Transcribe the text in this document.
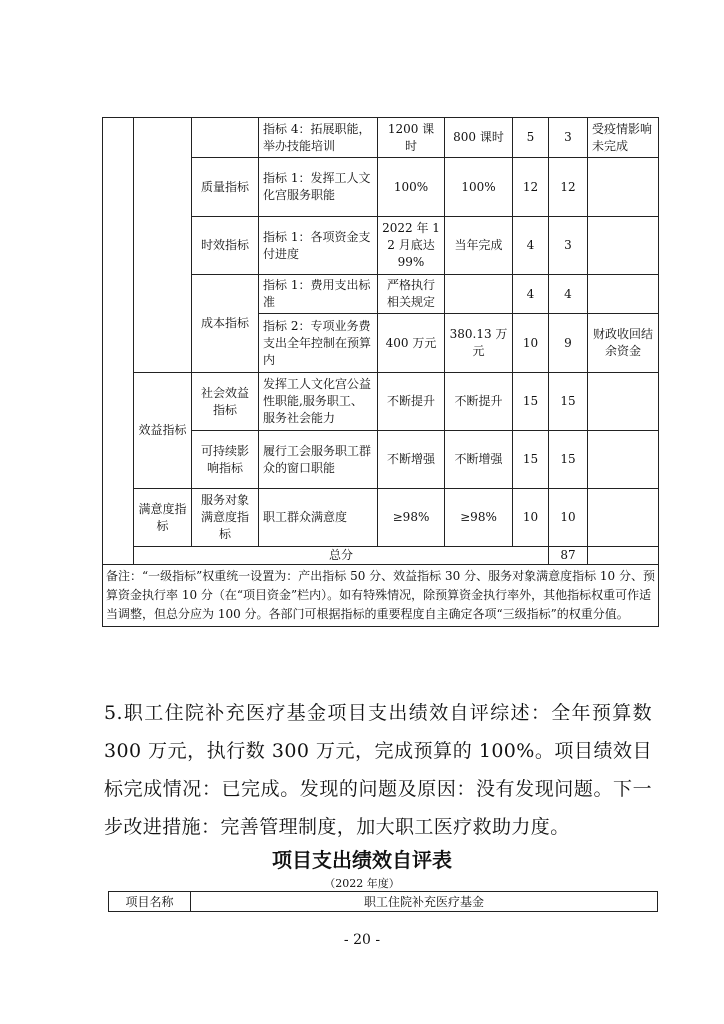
			指标 4：拓展职能，举办技能培训	1200 课时	800 课时	5	3	受疫情影响未完成
		质量指标	指标 1：发挥工人文化宫服务职能	100%	100%	12	12	
		时效指标	指标 1：各项资金支付进度	2022 年 12 月底达 99%	当年完成	4	3	
		成本指标	指标 1：费用支出标准	严格执行相关规定		4	4	
			指标 2：专项业务费支出全年控制在预算内	400 万元	380.13 万元	10	9	财政收回结余资金
	效益指标	社会效益指标	发挥工人文化宫公益性职能,服务职工、服务社会能力	不断提升	不断提升	15	15	
		可持续影响指标	履行工会服务职工群众的窗口职能	不断增强	不断增强	15	15	
	满意度指标	服务对象满意度指标	职工群众满意度	≥98%	≥98%	10	10	
	总分						87	
备注：“一级指标”权重统一设置为：产出指标 50 分、效益指标 30 分、服务对象满意度指标 10 分、预算资金执行率 10 分（在“项目资金”栏内）。如有特殊情况，除预算资金执行率外，其他指标权重可作适当调整，但总分应为 100 分。各部门可根据指标的重要程度自主确定各项“三级指标”的权重分值。								

5.职工住院补充医疗基金项目支出绩效自评综述：全年预算数 300 万元，执行数 300 万元，完成预算的 100%。项目绩效目标完成情况：已完成。发现的问题及原因：没有发现问题。下一步改进措施：完善管理制度，加大职工医疗救助力度。

项目支出绩效自评表
（2022 年度）
项目名称	职工住院补充医疗基金
- 20 -
